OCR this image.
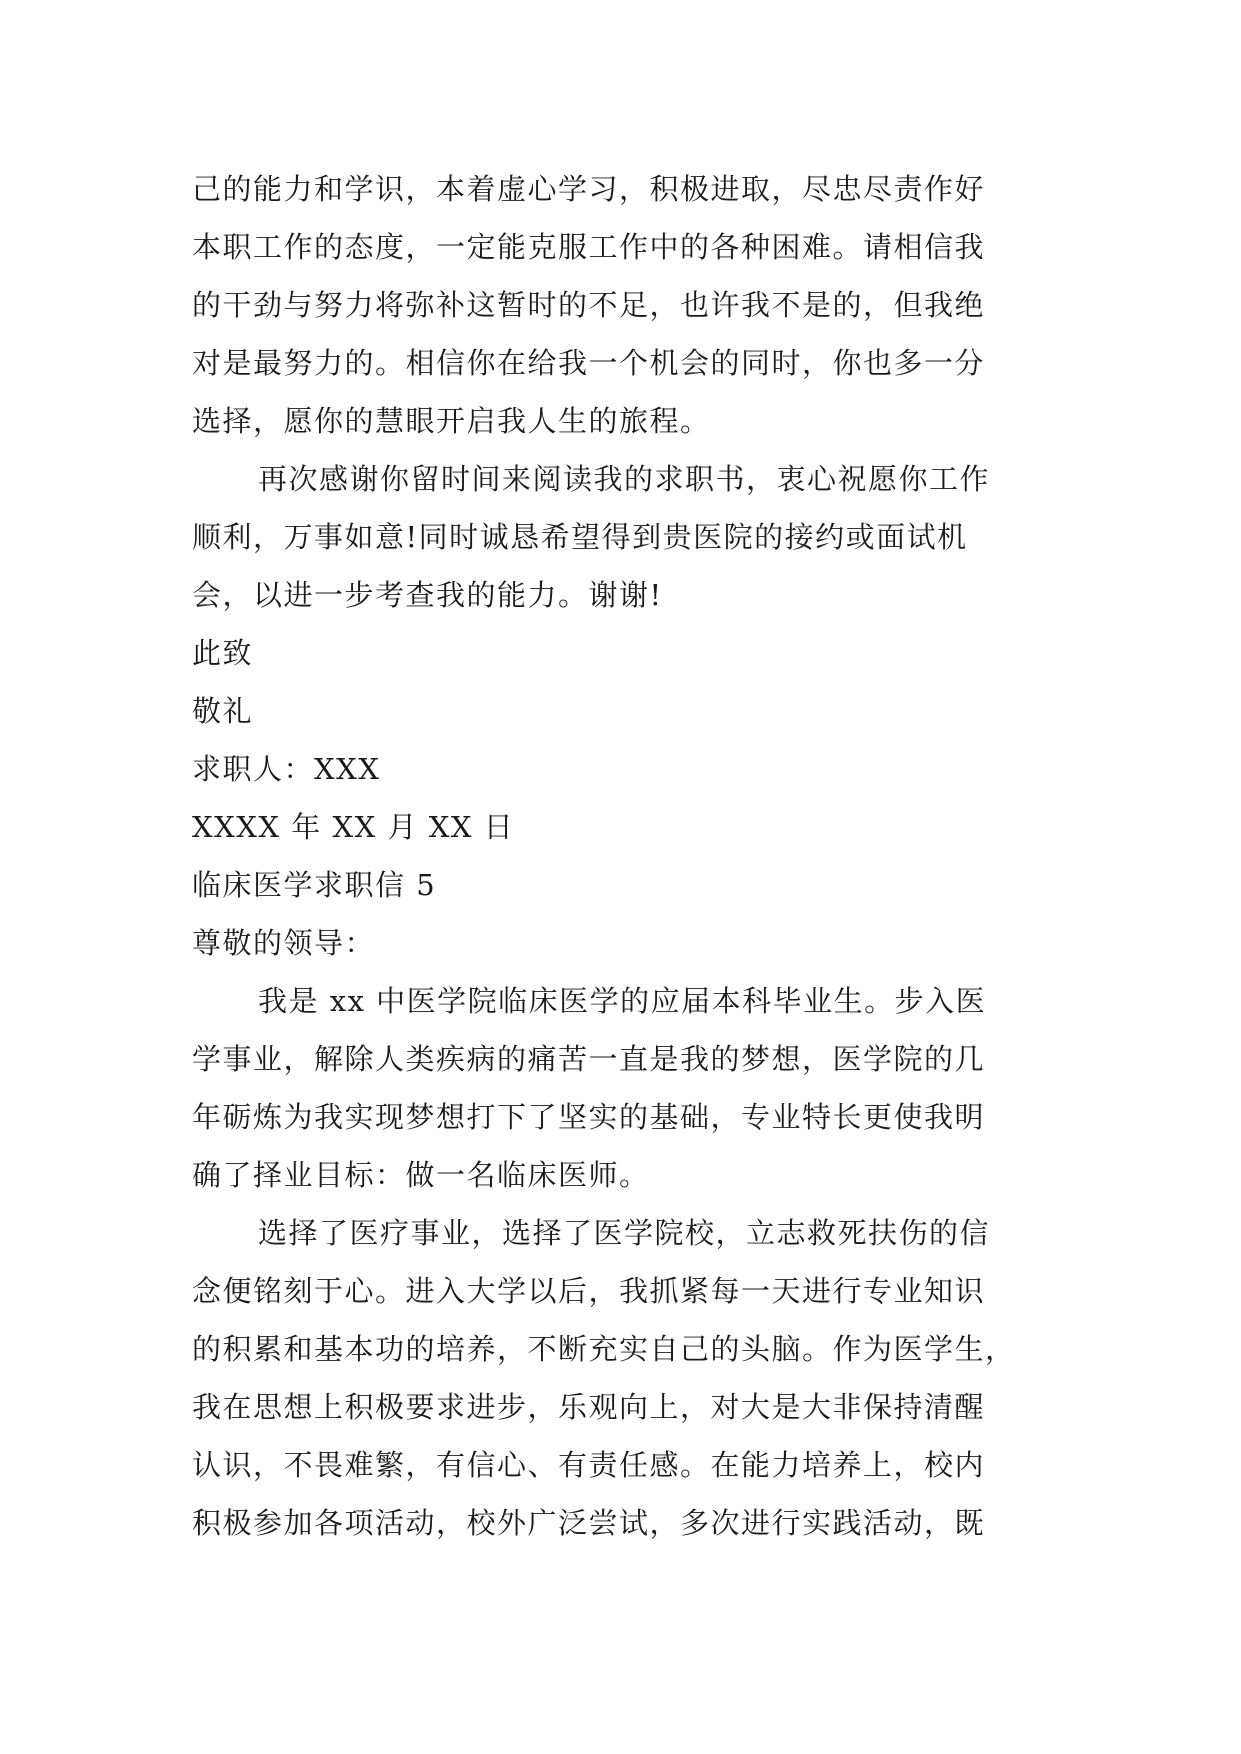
己的能力和学识，本着虚心学习，积极进取，尽忠尽责作好
本职工作的态度，一定能克服工作中的各种困难。请相信我
的干劲与努力将弥补这暂时的不足，也许我不是的，但我绝
对是最努力的。相信你在给我一个机会的同时，你也多一分
选择，愿你的慧眼开启我人生的旅程。
再次感谢你留时间来阅读我的求职书，衷心祝愿你工作
顺利，万事如意!同时诚恳希望得到贵医院的接约或面试机
会，以进一步考查我的能力。谢谢!
此致
敬礼
求职人：XXX
XXXX 年 XX 月 XX 日
临床医学求职信 5
尊敬的领导：
我是 xx 中医学院临床医学的应届本科毕业生。步入医
学事业，解除人类疾病的痛苦一直是我的梦想，医学院的几
年砺炼为我实现梦想打下了坚实的基础，专业特长更使我明
确了择业目标：做一名临床医师。
选择了医疗事业，选择了医学院校，立志救死扶伤的信
念便铭刻于心。进入大学以后，我抓紧每一天进行专业知识
的积累和基本功的培养，不断充实自己的头脑。作为医学生，
我在思想上积极要求进步，乐观向上，对大是大非保持清醒
认识，不畏难繁，有信心、有责任感。在能力培养上，校内
积极参加各项活动，校外广泛尝试，多次进行实践活动，既
